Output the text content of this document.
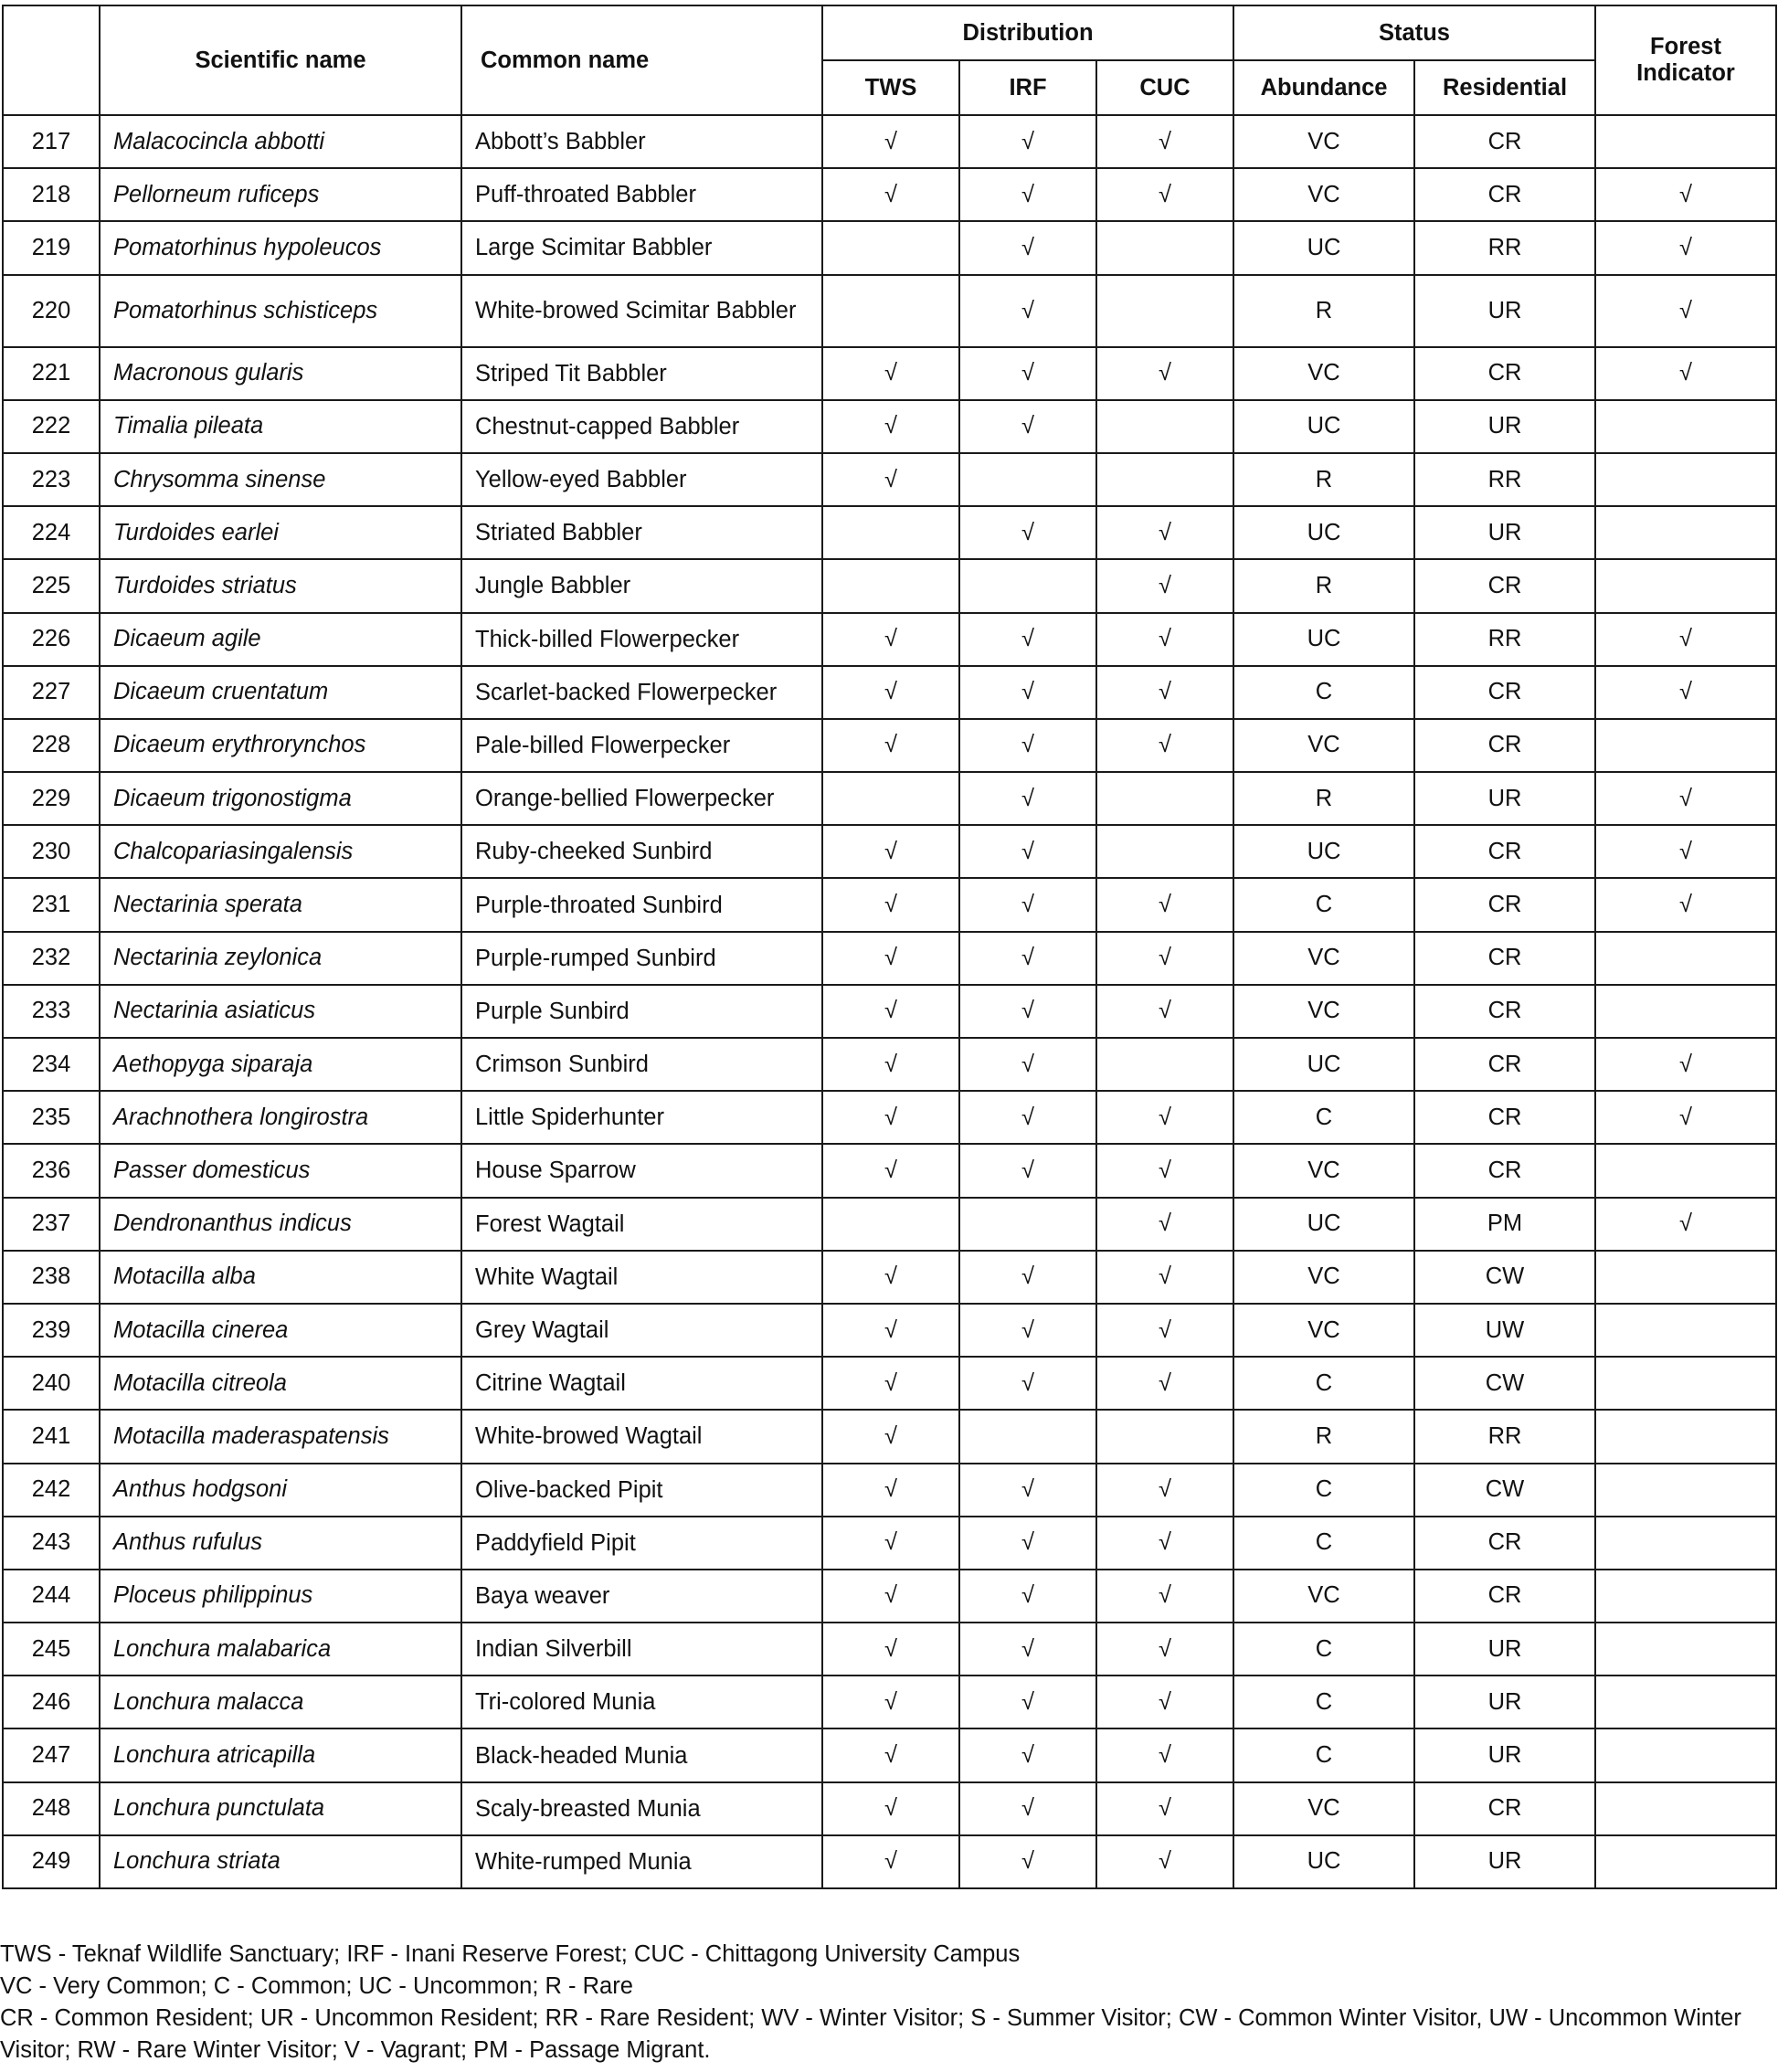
	Scientific name	Common name	Distribution			Status		Forest Indicator
			TWS	IRF	CUC	Abundance	Residential	
217	Malacocincla abbotti	Abbott’s Babbler	√	√	√	VC	CR	
218	Pellorneum ruficeps	Puff-throated Babbler	√	√	√	VC	CR	√
219	Pomatorhinus hypoleucos	Large Scimitar Babbler		√		UC	RR	√
220	Pomatorhinus schisticeps	White-browed Scimitar Babbler		√		R	UR	√
221	Macronous gularis	Striped Tit Babbler	√	√	√	VC	CR	√
222	Timalia pileata	Chestnut-capped Babbler	√	√		UC	UR	
223	Chrysomma sinense	Yellow-eyed Babbler	√			R	RR	
224	Turdoides earlei	Striated Babbler		√	√	UC	UR	
225	Turdoides striatus	Jungle Babbler			√	R	CR	
226	Dicaeum agile	Thick-billed Flowerpecker	√	√	√	UC	RR	√
227	Dicaeum cruentatum	Scarlet-backed Flowerpecker	√	√	√	C	CR	√
228	Dicaeum erythrorynchos	Pale-billed Flowerpecker	√	√	√	VC	CR	
229	Dicaeum trigonostigma	Orange-bellied Flowerpecker		√		R	UR	√
230	Chalcopariasingalensis	Ruby-cheeked Sunbird	√	√		UC	CR	√
231	Nectarinia sperata	Purple-throated Sunbird	√	√	√	C	CR	√
232	Nectarinia zeylonica	Purple-rumped Sunbird	√	√	√	VC	CR	
233	Nectarinia asiaticus	Purple Sunbird	√	√	√	VC	CR	
234	Aethopyga siparaja	Crimson Sunbird	√	√		UC	CR	√
235	Arachnothera longirostra	Little Spiderhunter	√	√	√	C	CR	√
236	Passer domesticus	House Sparrow	√	√	√	VC	CR	
237	Dendronanthus indicus	Forest Wagtail			√	UC	PM	√
238	Motacilla alba	White Wagtail	√	√	√	VC	CW	
239	Motacilla cinerea	Grey Wagtail	√	√	√	VC	UW	
240	Motacilla citreola	Citrine Wagtail	√	√	√	C	CW	
241	Motacilla maderaspatensis	White-browed Wagtail	√			R	RR	
242	Anthus hodgsoni	Olive-backed Pipit	√	√	√	C	CW	
243	Anthus rufulus	Paddyfield Pipit	√	√	√	C	CR	
244	Ploceus philippinus	Baya weaver	√	√	√	VC	CR	
245	Lonchura malabarica	Indian Silverbill	√	√	√	C	UR	
246	Lonchura malacca	Tri-colored Munia	√	√	√	C	UR	
247	Lonchura atricapilla	Black-headed Munia	√	√	√	C	UR	
248	Lonchura punctulata	Scaly-breasted Munia	√	√	√	VC	CR	
249	Lonchura striata	White-rumped Munia	√	√	√	UC	UR	
TWS - Teknaf Wildlife Sanctuary; IRF - Inani Reserve Forest; CUC - Chittagong University Campus
VC - Very Common; C - Common; UC - Uncommon; R - Rare
CR - Common Resident; UR - Uncommon Resident; RR - Rare Resident; WV - Winter Visitor; S - Summer Visitor; CW - Common Winter Visitor, UW - Uncommon Winter Visitor; RW - Rare Winter Visitor; V - Vagrant; PM - Passage Migrant.
